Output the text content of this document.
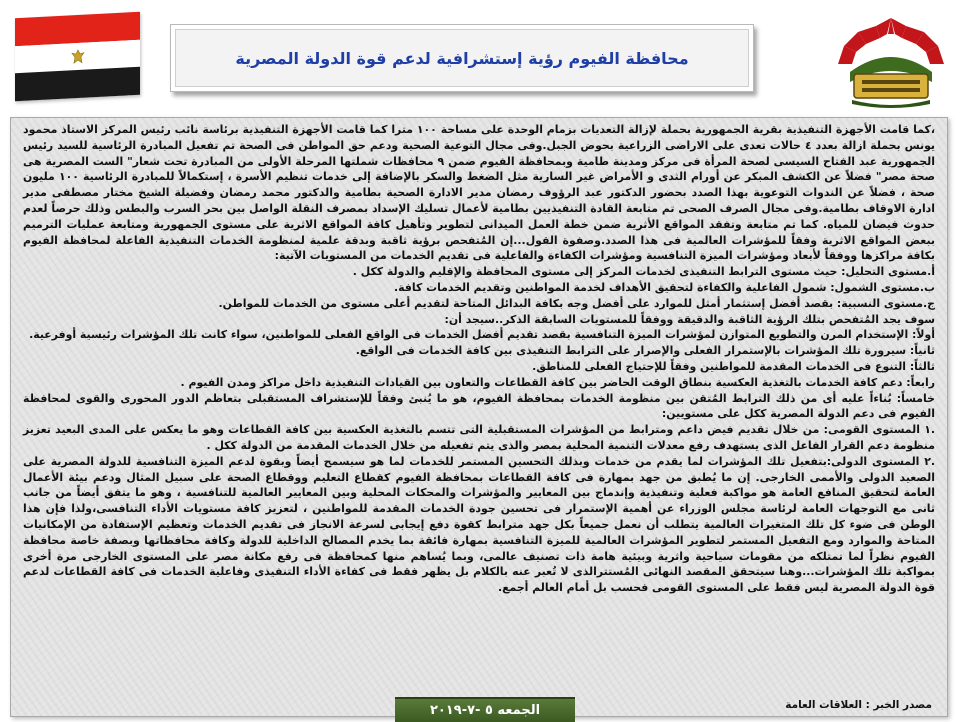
محافظة الفيوم رؤية إستشرافية لدعم قوة الدولة المصرية

،كما قامت الأجهزة التنفيذية بقرية الجمهورية بحملة لإزالة التعديات بزمام الوحدة على مساحة ١٠٠ مترا كما قامت الأجهزة التنفيذية برئاسة نائب رئيس المركز الاستاذ محمود يونس بحملة ازالة بعدد ٤ حالات تعدى على الاراضى الزراعية بحوض الجبل.وفى مجال التوعية الصحية ودعم حق المواطن فى الصحة تم تفعيل المبادرة الرئاسية للسيد رئيس الجمهورية عبد الفتاح السيسى لصحة المرأة فى مركز ومدينة طامية وبمحافظة الفيوم ضمن ٩ محافظات شملتها المرحلة الأولى من المبادرة تحت شعار" الست المصرية هى صحة مصر" فضلاً عن الكشف المبكر عن أورام الثدى و الأمراض غير السارية مثل الضغط والسكر بالإضافة إلى خدمات تنظيم الأسرة ، إستكمالاً للمبادرة الرئاسية ١٠٠ مليون صحة ، فضلاً عن الندوات التوعوية بهذا الصدد بحضور الدكتور عبد الرؤوف رمضان مدير الادارة الصحية بطامية والدكتور محمد رمضان وفضيلة الشيخ مختار مصطفى مدير ادارة الاوقاف بطامية.وفى مجال الصرف الصحى تم متابعة القادة التنفيذيين بطامية لأعمال تسليك الإسداد بمصرف النقلة الواصل بين بحر السرب والبطس وذلك حرصاً لعدم حدوث فيضان للمياه. كما تم متابعة وتفقد المواقع الأثرية ضمن خطة العمل الميدانى لتطوير وتأهيل كافة المواقع الاثرية على مستوى الجمهورية ومتابعة عمليات الترميم ببعض المواقع الاثرية وفقاً للمؤشرات العالمية فى هذا الصدد.وصفوة القول...إن المُتفحص برؤية ثاقبة وبدقة علمية لمنظومة الخدمات التنفيذية الفاعلة لمحافظة الفيوم بكافة مراكزها ووفقاً لأبعاد ومؤشرات الميزة التنافسية ومؤشرات الكفاءة والفاعلية فى تقديم الخدمات من المستويات الآتية:

أ.مستوى التحليل: حيث مستوى الترابط التنفيذى لخدمات المركز إلى مستوى المحافظة والإقليم والدولة ككل .

ب.مستوى الشمول: شمول الفاعلية والكفاءة لتحقيق الأهداف لخدمة المواطنين وتقديم الخدمات كافة.

ج.مستوى النسبية: بقصد أفضل إستثمار أمثل للموارد على أفضل وجه بكافة البدائل المتاحة لتقديم أعلى مستوى من الخدمات للمواطن.

سوف يجد المُتفحص بتلك الرؤية الثاقبة والدقيقة ووفقاً للمستويات السابقة الذكر..سيجد أن:

أولاً: الإستخدام المرن والتطويع المتوازن لمؤشرات الميزة التنافسية بقصد تقديم أفضل الخدمات فى الواقع الفعلى للمواطنين، سواء كانت تلك المؤشرات رئيسية أوفرعية.

ثانياً: سيرورة تلك المؤشرات بالإستمرار الفعلى والإصرار على الترابط التنفيذى بين كافة الخدمات فى الواقع.

ثالثاً: التنوع فى الخدمات المقدمة للمواطنين وفقاً للإحتياج الفعلى للمناطق.

رابعاً: دعم كافة الخدمات بالتغذية العكسية بنطاق الوقت الحاضر بين كافة القطاعات والتعاون بين القيادات التنفيذية داخل مراكز ومدن الفيوم .

خامساً: بُناءاً عليه أى من ذلك الترابط المُتقن بين منظومة الخدمات بمحافظة الفيوم، هو ما يُنبئ وفقاً للإستشراف المستقبلى بتعاظم الدور المحورى والقوى لمحافظة الفيوم فى دعم الدولة المصرية ككل على مستويين:

.١ المستوى القومى: من خلال تقديم فيض داعم ومترابط من المؤشرات المستقبلية التى تتسم بالتغذية العكسية بين كافة القطاعات وهو ما يعكس على المدى البعيد تعزيز منظومة دعم القرار الفاعل الذى يستهدف رفع معدلات التنمية المحلية بمصر والذى يتم تفعيله من خلال الخدمات المقدمة من الدولة ككل .

.٢ المستوى الدولى:بتفعيل تلك المؤشرات لما يقدم من خدمات وبذلك التحسين المستمر للخدمات لما هو سيسمح أيضاً وبقوة لدعم الميزة التنافسية للدولة المصرية على الصعيد الدولى والأممى الخارجى. إن ما يُطبق من جهد بمهارة فى كافة القطاعات بمحافظة الفيوم كقطاع التعليم ووقطاع الصحة على سبيل المثال ودعم بيئة الأعمال العامة لتحقيق المنافع العامة هو مواكبة فعلية وتنفيذية وإندماج بين المعايير والمؤشرات والمحكات المحلية وبين المعايير العالمية للتنافسية ، وهو ما يتفق أيضاً من جانب ثانى مع التوجهات العامة لرئاسة مجلس الوزراء عن أهمية الإستمرار فى تحسين جودة الخدمات المقدمة للمواطنين ، لتعزيز كافة مستويات الأداء التنافسى،ولذا فإن هذا الوطن فى ضوء كل تلك المتغيرات العالمية يتطلب أن نعمل جميعاً بكل جهد مترابط كقوة دفع إيجابى لسرعة الانجاز فى تقديم الخدمات وتعظيم الإستفادة من الإمكانيات المتاحة والموارد ومع التفعيل المستمر لتطوير المؤشرات العالمية للميزة التنافسية بمهارة فائقة بما يخدم المصالح الداخلية للدولة وكافة محافظاتها وبصفة خاصة محافظة الفيوم نظراً لما تمتلكه من مقومات سياحية واثرية وبيئية هامة ذات تصنيف عالمى، وبما يُساهم منها كمحافظة فى رفع مكانة مصر على المستوى الخارجى مرة أخرى بمواكبة تلك المؤشرات...وهنا سيتحقق المقصد النهائى المُستترالذى لا تُعبر عنه بالكلام بل يظهر فقط فى كفاءة الأداء التنفيذى وفاعلية الخدمات فى كافة القطاعات لدعم قوة الدولة المصرية ليس فقط على المستوى القومى فحسب بل أمام العالم أجمع.

الجمعه ٥ -٧-٢٠١٩	مصدر الخبر : العلاقات العامة
